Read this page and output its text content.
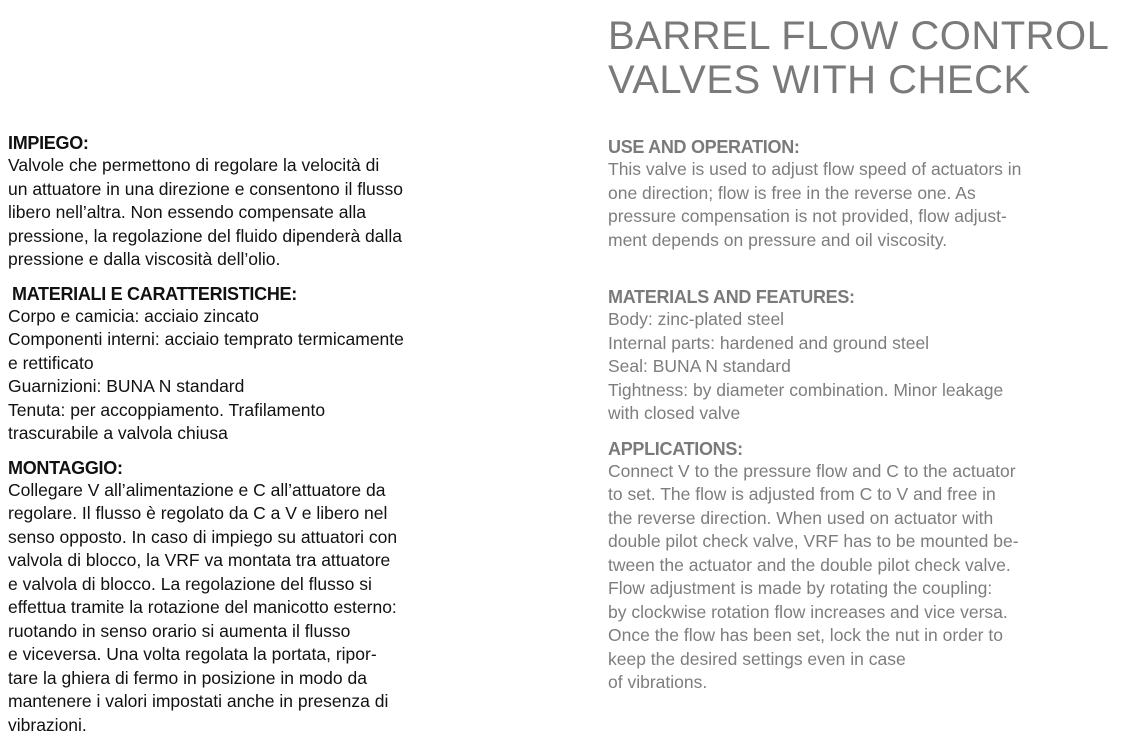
IMPIEGO:
Valvole che permettono di regolare la velocità di
un attuatore in una direzione e consentono il flusso
libero nell’altra. Non essendo compensate alla
pressione, la regolazione del fluido dipenderà dalla
pressione e dalla viscosità dell’olio.
MATERIALI E CARATTERISTICHE:
Corpo e camicia: acciaio zincato
Componenti interni: acciaio temprato termicamente
e rettificato
Guarnizioni: BUNA N standard
Tenuta: per accoppiamento. Trafilamento
trascurabile a valvola chiusa
MONTAGGIO:
Collegare V all’alimentazione e C all’attuatore da
regolare. Il flusso è regolato da C a V e libero nel
senso opposto. In caso di impiego su attuatori con
valvola di blocco, la VRF va montata tra attuatore
e valvola di blocco. La regolazione del flusso si
effettua tramite la rotazione del manicotto esterno:
ruotando in senso orario si aumenta il flusso
e viceversa. Una volta regolata la portata, ripor-
tare la ghiera di fermo in posizione in modo da
mantenere i valori impostati anche in presenza di
vibrazioni.
BARREL FLOW CONTROL
VALVES WITH CHECK
USE AND OPERATION:
This valve is used to adjust flow speed of actuators in
one direction; flow is free in the reverse one. As
pressure compensation is not provided, flow adjust-
ment depends on pressure and oil viscosity.
MATERIALS AND FEATURES:
Body: zinc-plated steel
Internal parts: hardened and ground steel
Seal: BUNA N standard
Tightness: by diameter combination. Minor leakage
with closed valve
APPLICATIONS:
Connect V to the pressure flow and C to the actuator
to set. The flow is adjusted from C to V and free in
the reverse direction. When used on actuator with
double pilot check valve, VRF has to be mounted be-
tween the actuator and the double pilot check valve.
Flow adjustment is made by rotating the coupling:
by clockwise rotation flow increases and vice versa.
Once the flow has been set, lock the nut in order to
keep the desired settings even in case
of vibrations.
